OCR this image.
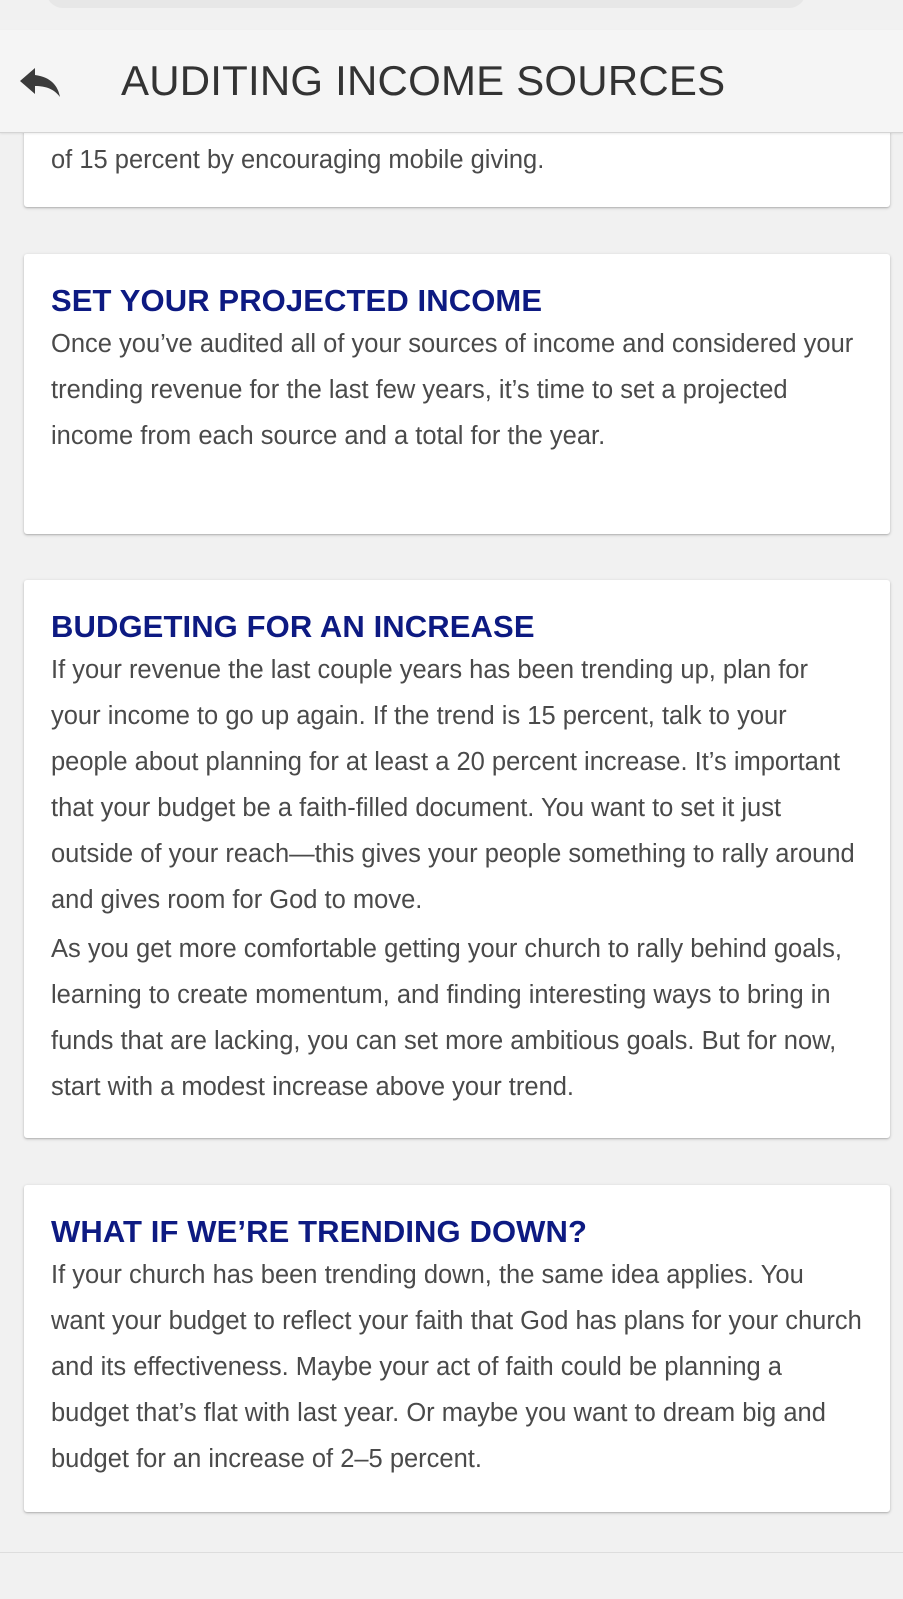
of 15 percent by encouraging mobile giving.

SET YOUR PROJECTED INCOME

Once you’ve audited all of your sources of income and considered your trending revenue for the last few years, it’s time to set a projected income from each source and a total for the year.

BUDGETING FOR AN INCREASE

If your revenue the last couple years has been trending up, plan for your income to go up again. If the trend is 15 percent, talk to your people about planning for at least a 20 percent increase. It’s important that your budget be a faith-filled document. You want to set it just outside of your reach—this gives your people something to rally around and gives room for God to move.

As you get more comfortable getting your church to rally behind goals, learning to create momentum, and finding interesting ways to bring in funds that are lacking, you can set more ambitious goals. But for now, start with a modest increase above your trend.

WHAT IF WE’RE TRENDING DOWN?

If your church has been trending down, the same idea applies. You want your budget to reflect your faith that God has plans for your church and its effectiveness. Maybe your act of faith could be planning a budget that’s flat with last year. Or maybe you want to dream big and budget for an increase of 2–5 percent.

AUDITING INCOME SOURCES
